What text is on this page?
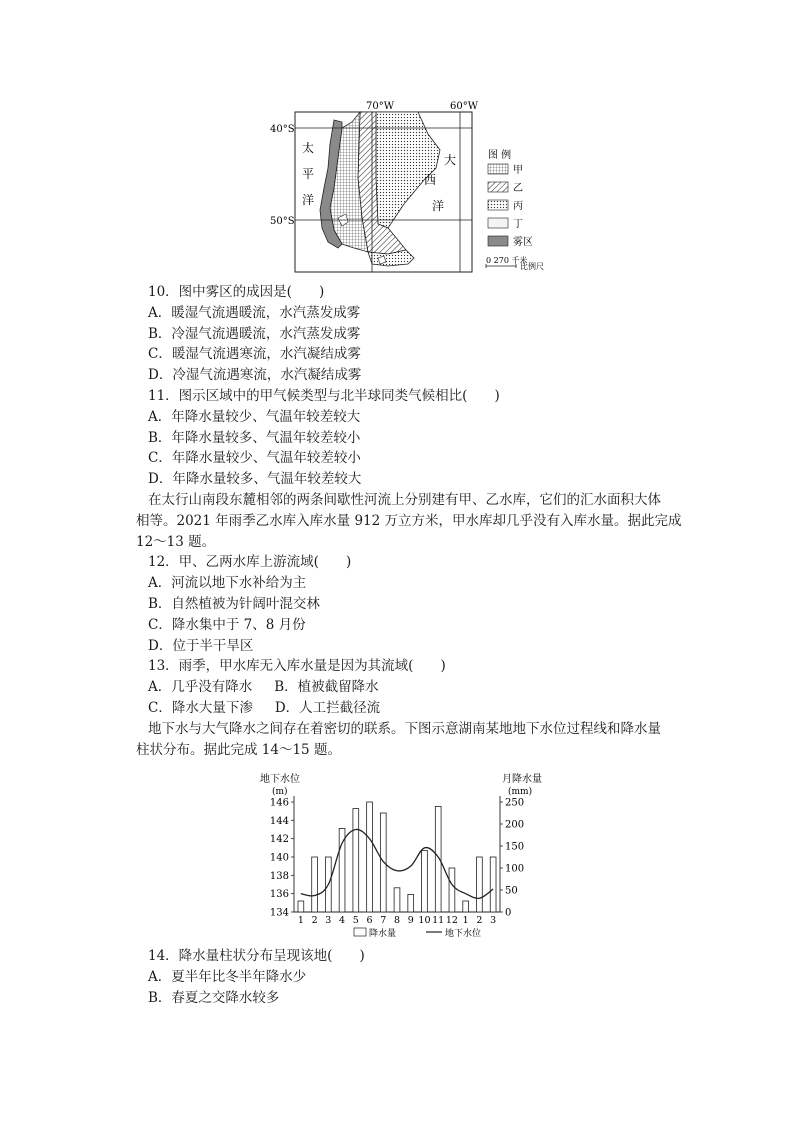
40°S
50°S
70°W	60°W
太
平
洋
大
西
洋
图 例
甲
乙
丙
丁
雾区
0 270 千米
比例尺
10．图中雾区的成因是(　　)
A．暖湿气流遇暖流，水汽蒸发成雾
B．冷湿气流遇暖流，水汽蒸发成雾
C．暖湿气流遇寒流，水汽凝结成雾
D．冷湿气流遇寒流，水汽凝结成雾
11．图示区域中的甲气候类型与北半球同类气候相比(　　)
A．年降水量较少、气温年较差较大
B．年降水量较多、气温年较差较小
C．年降水量较少、气温年较差较小
D．年降水量较多、气温年较差较大
在太行山南段东麓相邻的两条间歇性河流上分别建有甲、乙水库，它们的汇水面积大体
相等。2021 年雨季乙水库入库水量 912 万立方米，甲水库却几乎没有入库水量。据此完成
12～13 题。
12．甲、乙两水库上游流域(　　)
A．河流以地下水补给为主
B．自然植被为针阔叶混交林
C．降水集中于 7、8 月份
D．位于半干旱区
13．雨季，甲水库无入库水量是因为其流域(　　)
A．几乎没有降水 B．植被截留降水
C．降水大量下渗 D．人工拦截径流
地下水与大气降水之间存在着密切的联系。下图示意湖南某地地下水位过程线和降水量
柱状分布。据此完成 14～15 题。
地下水位
(m)
月降水量
(mm)
134
136
138
140
142
144
146
0
50
100
150
200
250
1 2 3 4 5 6 7 8 9 10 11 12 1 2 3
降水量	地下水位
14．降水量柱状分布呈现该地(　　)
A．夏半年比冬半年降水少
B．春夏之交降水较多
